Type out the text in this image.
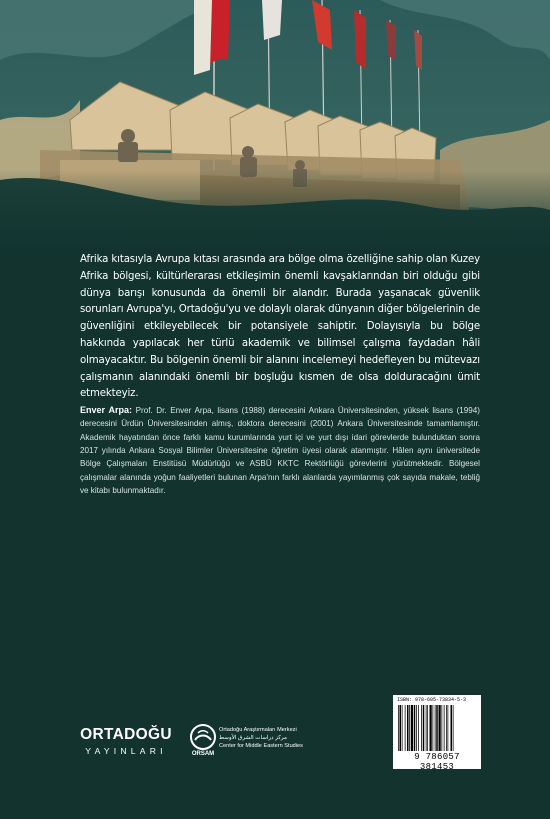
Afrika kıtasıyla Avrupa kıtası arasında ara bölge olma özelliğine sahip olan Kuzey Afrika bölgesi, kültürlerarası etkileşimin önemli kavşaklarından biri olduğu gibi dünya barışı konusunda da önemli bir alandır. Burada yaşanacak güvenlik sorunları Avrupa'yı, Ortadoğu'yu ve dolaylı olarak dünyanın diğer bölgelerinin de güvenliğini etkileyebilecek bir potansiyele sahiptir. Dolayısıyla bu bölge hakkında yapılacak her türlü akademik ve bilimsel çalışma faydadan hâli olmayacaktır. Bu bölgenin önemli bir alanını incelemeyi hedefleyen bu mütevazı çalışmanın alanındaki önemli bir boşluğu kısmen de olsa dolduracağını ümit etmekteyiz.

Enver Arpa: Prof. Dr. Enver Arpa, lisans (1988) derecesini Ankara Üniversitesinden, yüksek lisans (1994) derecesini Ürdün Üniversitesinden almış, doktora derecesini (2001) Ankara Üniversitesinde tamamlamıştır. Akademik hayatından önce farklı kamu kurumlarında yurt içi ve yurt dışı idari görevlerde bulunduktan sonra 2017 yılında Ankara Sosyal Bilimler Üniversitesine öğretim üyesi olarak atanmıştır. Hâlen aynı üniversitede Bölge Çalışmaları Enstitüsü Müdürlüğü ve ASBÜ KKTC Rektörlüğü görevlerini yürütmektedir. Bölgesel çalışmalar alanında yoğun faaliyetleri bulunan Arpa'nın farklı alanlarda yayımlanmış çok sayıda makale, tebliğ ve kitabı bulunmaktadır.

ORTADOĞU
YAYINLARI	ORSAM
Ortadoğu Araştırmaları Merkezi
مركز دراسات الشرق الأوسط
Center for Middle Eastern Studies
ISBN: 978-605-73834-5-3
9 786057 381453
